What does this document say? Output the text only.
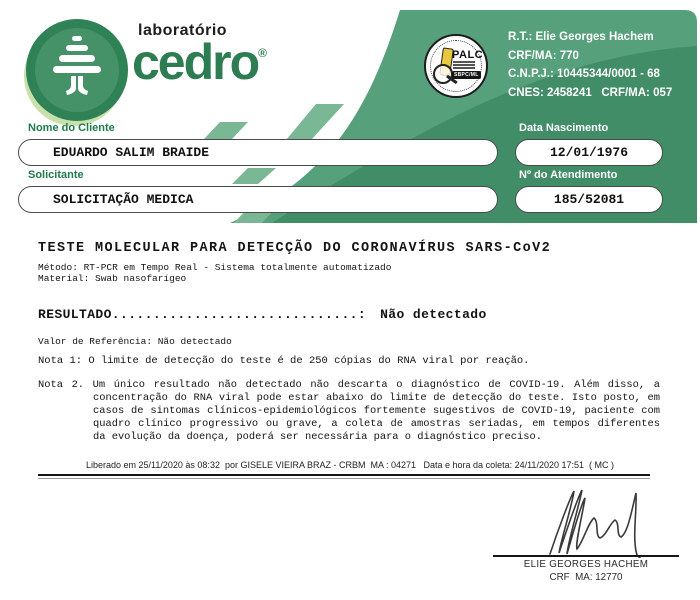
laboratório
cedro®	PALC
SBPC/ML
R.T.: Elie Georges Hachem
CRF/MA: 770
C.N.P.J.: 10445344/0001 - 68
CNES: 2458241   CRF/MA: 057
Nome do Cliente
EDUARDO SALIM BRAIDE
Solicitante
SOLICITAÇÃO MEDICA
Data Nascimento
12/01/1976
Nº do Atendimento
185/52081
TESTE MOLECULAR PARA DETECÇÃO DO CORONAVÍRUS SARS-CoV2
Método: RT-PCR em Tempo Real - Sistema totalmente automatizado
Material: Swab nasofarígeo
RESULTADO..............................: Não detectado
Valor de Referência: Não detectado
Nota 1: O limite de detecção do teste é de 250 cópias do RNA viral por reação.
Nota 2. Um único resultado não detectado não descarta o diagnóstico de COVID-19. Além disso, a concentração do RNA viral pode estar abaixo do limite de detecção do teste. Isto posto, em casos de sintomas clínicos-epidemiológicos fortemente sugestivos de COVID-19, paciente com quadro clínico progressivo ou grave, a coleta de amostras seriadas, em tempos diferentes da evolução da doença, poderá ser necessária para o diagnóstico preciso.
Liberado em 25/11/2020 às 08:32  por GISELE VIEIRA BRAZ - CRBM  MA : 04271   Data e hora da coleta: 24/11/2020 17:51  ( MC )
ELIE GEORGES HACHEM
CRF  MA: 12770
